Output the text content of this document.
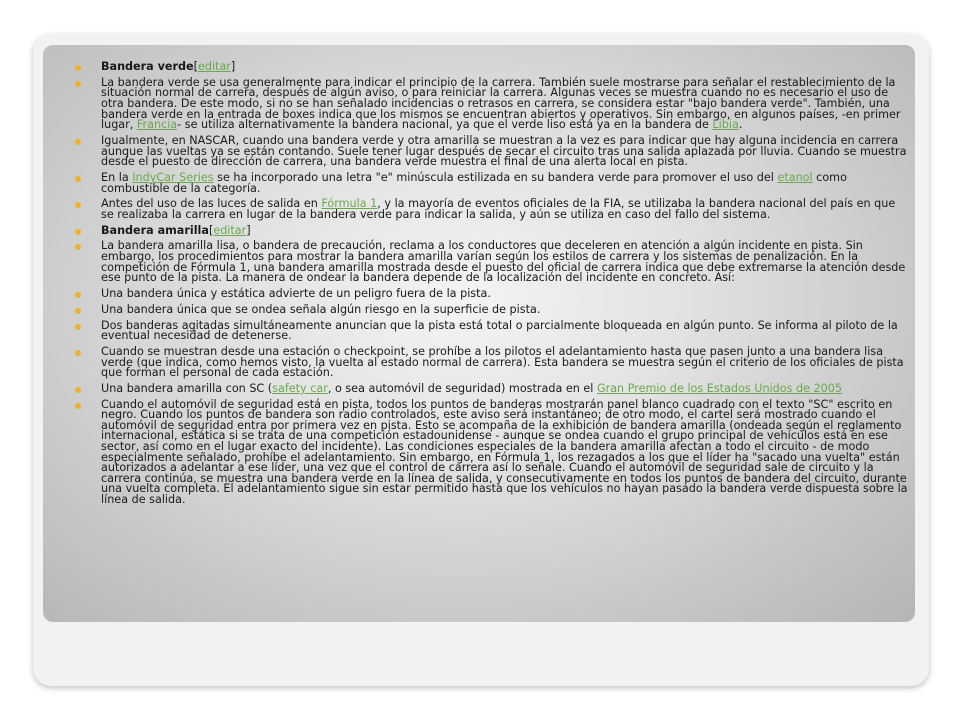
Bandera verde[editar]
La bandera verde se usa generalmente para indicar el principio de la carrera. También suele mostrarse para señalar el restablecimiento de la situación normal de carrera, después de algún aviso, o para reiniciar la carrera. Algunas veces se muestra cuando no es necesario el uso de otra bandera. De este modo, si no se han señalado incidencias o retrasos en carrera, se considera estar "bajo bandera verde". También, una bandera verde en la entrada de boxes indica que los mismos se encuentran abiertos y operativos. Sin embargo, en algunos países, -en primer lugar, Francia- se utiliza alternativamente la bandera nacional, ya que el verde liso está ya en la bandera de Libia.
Igualmente, en NASCAR, cuando una bandera verde y otra amarilla se muestran a la vez es para indicar que hay alguna incidencia en carrera aunque las vueltas ya se están contando. Suele tener lugar después de secar el circuito tras una salida aplazada por lluvia. Cuando se muestra desde el puesto de dirección de carrera, una bandera verde muestra el final de una alerta local en pista.
En la IndyCar Series se ha incorporado una letra "e" minúscula estilizada en su bandera verde para promover el uso del etanol como combustible de la categoría.
Antes del uso de las luces de salida en Fórmula 1, y la mayoría de eventos oficiales de la FIA, se utilizaba la bandera nacional del país en que se realizaba la carrera en lugar de la bandera verde para indicar la salida, y aún se utiliza en caso del fallo del sistema.
Bandera amarilla[editar]
La bandera amarilla lisa, o bandera de precaución, reclama a los conductores que deceleren en atención a algún incidente en pista. Sin embargo, los procedimientos para mostrar la bandera amarilla varían según los estilos de carrera y los sistemas de penalización. En la competición de Fórmula 1, una bandera amarilla mostrada desde el puesto del oficial de carrera indica que debe extremarse la atención desde ese punto de la pista. La manera de ondear la bandera depende de la localización del incidente en concreto. Así:
Una bandera única y estática advierte de un peligro fuera de la pista.
Una bandera única que se ondea señala algún riesgo en la superficie de pista.
Dos banderas agitadas simultáneamente anuncian que la pista está total o parcialmente bloqueada en algún punto. Se informa al piloto de la eventual necesidad de detenerse.
Cuando se muestran desde una estación o checkpoint, se prohíbe a los pilotos el adelantamiento hasta que pasen junto a una bandera lisa verde (que indica, como hemos visto, la vuelta al estado normal de carrera). Esta bandera se muestra según el criterio de los oficiales de pista que forman el personal de cada estación.
Una bandera amarilla con SC (safety car, o sea automóvil de seguridad) mostrada en el Gran Premio de los Estados Unidos de 2005
Cuando el automóvil de seguridad está en pista, todos los puntos de banderas mostrarán panel blanco cuadrado con el texto "SC" escrito en negro. Cuando los puntos de bandera son radio controlados, este aviso será instantáneo; de otro modo, el cartel será mostrado cuando el automóvil de seguridad entra por primera vez en pista. Esto se acompaña de la exhibición de bandera amarilla (ondeada según el reglamento internacional, estática si se trata de una competición estadounidense - aunque se ondea cuando el grupo principal de vehículos está en ese sector, así como en el lugar exacto del incidente). Las condiciones especiales de la bandera amarilla afectan a todo el circuito - de modo especialmente señalado, prohíbe el adelantamiento. Sin embargo, en Fórmula 1, los rezagados a los que el líder ha "sacado una vuelta" están autorizados a adelantar a ese líder, una vez que el control de carrera así lo señale. Cuando el automóvil de seguridad sale de circuito y la carrera continúa, se muestra una bandera verde en la línea de salida, y consecutivamente en todos los puntos de bandera del circuito, durante una vuelta completa. El adelantamiento sigue sin estar permitido hasta que los vehículos no hayan pasado la bandera verde dispuesta sobre la línea de salida.
